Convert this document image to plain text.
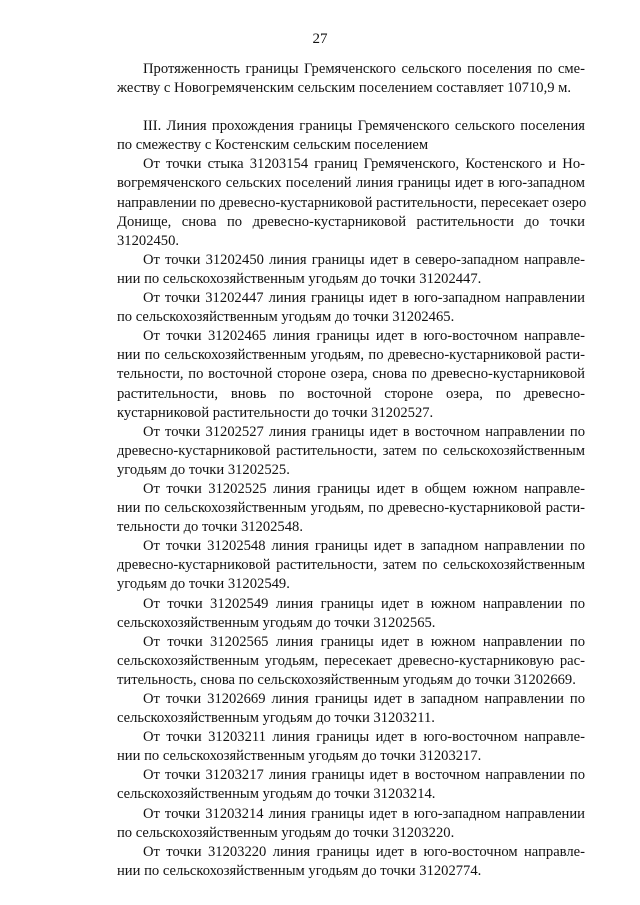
27
Протяженность границы Гремяченского сельского поселения по сме-
жеству с Новогремяченским сельским поселением составляет 10710,9 м.
III. Линия прохождения границы Гремяченского сельского поселения
по смежеству с Костенским сельским поселением
От точки стыка 31203154 границ Гремяченского, Костенского и Но-
вогремяченского сельских поселений линия границы идет в юго-западном
направлении по древесно-кустарниковой растительности, пересекает озеро
Донище, снова по древесно-кустарниковой растительности до точки
31202450.
От точки 31202450 линия границы идет в северо-западном направле-
нии по сельскохозяйственным угодьям до точки 31202447.
От точки 31202447 линия границы идет в юго-западном направлении
по сельскохозяйственным угодьям до точки 31202465.
От точки 31202465 линия границы идет в юго-восточном направле-
нии по сельскохозяйственным угодьям, по древесно-кустарниковой расти-
тельности, по восточной стороне озера, снова по древесно-кустарниковой
растительности, вновь по восточной стороне озера, по древесно-
кустарниковой растительности до точки 31202527.
От точки 31202527 линия границы идет в восточном направлении по
древесно-кустарниковой растительности, затем по сельскохозяйственным
угодьям до точки 31202525.
От точки 31202525 линия границы идет в общем южном направле-
нии по сельскохозяйственным угодьям, по древесно-кустарниковой расти-
тельности до точки 31202548.
От точки 31202548 линия границы идет в западном направлении по
древесно-кустарниковой растительности, затем по сельскохозяйственным
угодьям до точки 31202549.
От точки 31202549 линия границы идет в южном направлении по
сельскохозяйственным угодьям до точки 31202565.
От точки 31202565 линия границы идет в южном направлении по
сельскохозяйственным угодьям, пересекает древесно-кустарниковую рас-
тительность, снова по сельскохозяйственным угодьям до точки 31202669.
От точки 31202669 линия границы идет в западном направлении по
сельскохозяйственным угодьям до точки 31203211.
От точки 31203211 линия границы идет в юго-восточном направле-
нии по сельскохозяйственным угодьям до точки 31203217.
От точки 31203217 линия границы идет в восточном направлении по
сельскохозяйственным угодьям до точки 31203214.
От точки 31203214 линия границы идет в юго-западном направлении
по сельскохозяйственным угодьям до точки 31203220.
От точки 31203220 линия границы идет в юго-восточном направле-
нии по сельскохозяйственным угодьям до точки 31202774.
